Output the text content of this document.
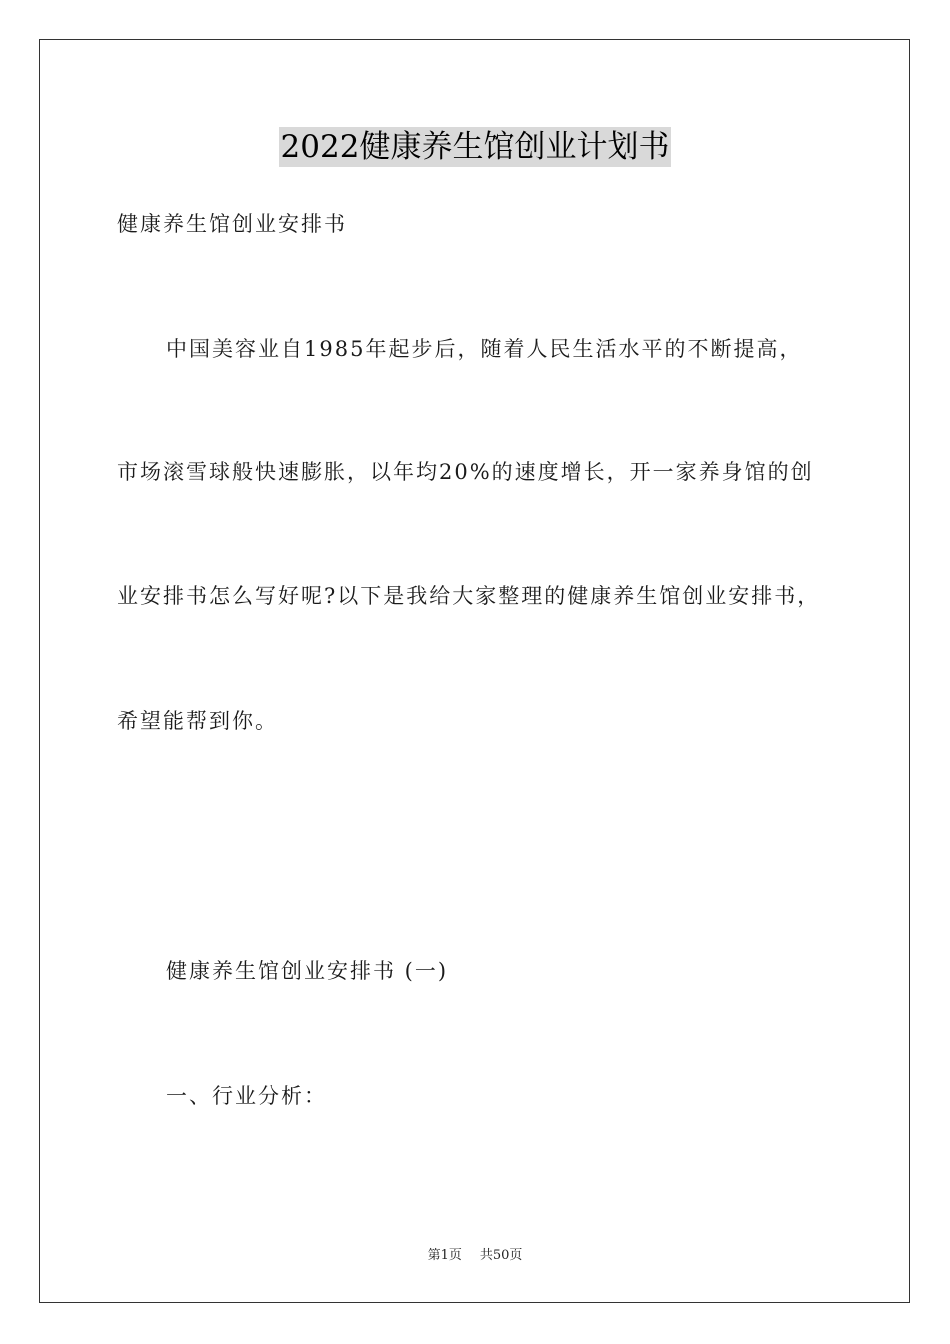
2022健康养生馆创业计划书
健康养生馆创业安排书
中国美容业自1985年起步后，随着人民生活水平的不断提高，
市场滚雪球般快速膨胀，以年均20%的速度增长，开一家养身馆的创
业安排书怎么写好呢?以下是我给大家整理的健康养生馆创业安排书，
希望能帮到你。
健康养生馆创业安排书 (一)
一、行业分析：
第1页 共50页
